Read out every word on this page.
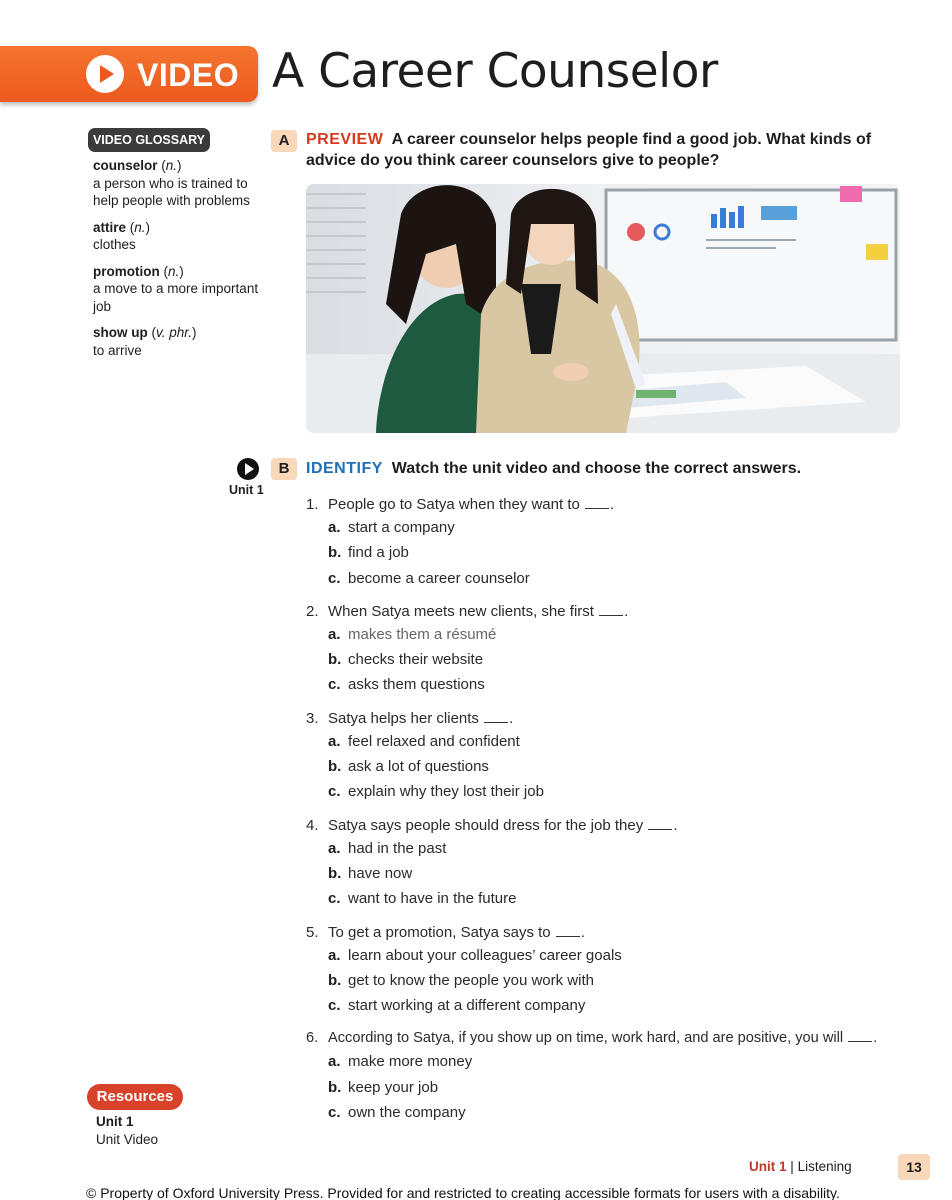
VIDEO A Career Counselor
VIDEO GLOSSARY
counselor (n.)
a person who is trained to help people with problems
attire (n.)
clothes
promotion (n.)
a move to a more important job
show up (v. phr.)
to arrive
A	PREVIEW A career counselor helps people find a good job. What kinds of advice do you think career counselors give to people?
Unit 1
B	IDENTIFY Watch the unit video and choose the correct answers.
1. People go to Satya when they want to .
a. start a company
b. find a job
c. become a career counselor
2. When Satya meets new clients, she first .
a. makes them a résumé
b. checks their website
c. asks them questions
3. Satya helps her clients .
a. feel relaxed and confident
b. ask a lot of questions
c. explain why they lost their job
4. Satya says people should dress for the job they .
a. had in the past
b. have now
c. want to have in the future
5. To get a promotion, Satya says to .
a. learn about your colleagues’ career goals
b. get to know the people you work with
c. start working at a different company
6. According to Satya, if you show up on time, work hard, and are positive, you will .
a. make more money
b. keep your job
c. own the company
Resources
Unit 1
Unit Video
Unit 1 | Listening	13
© Property of Oxford University Press. Provided for and restricted to creating accessible formats for users with a disability.
